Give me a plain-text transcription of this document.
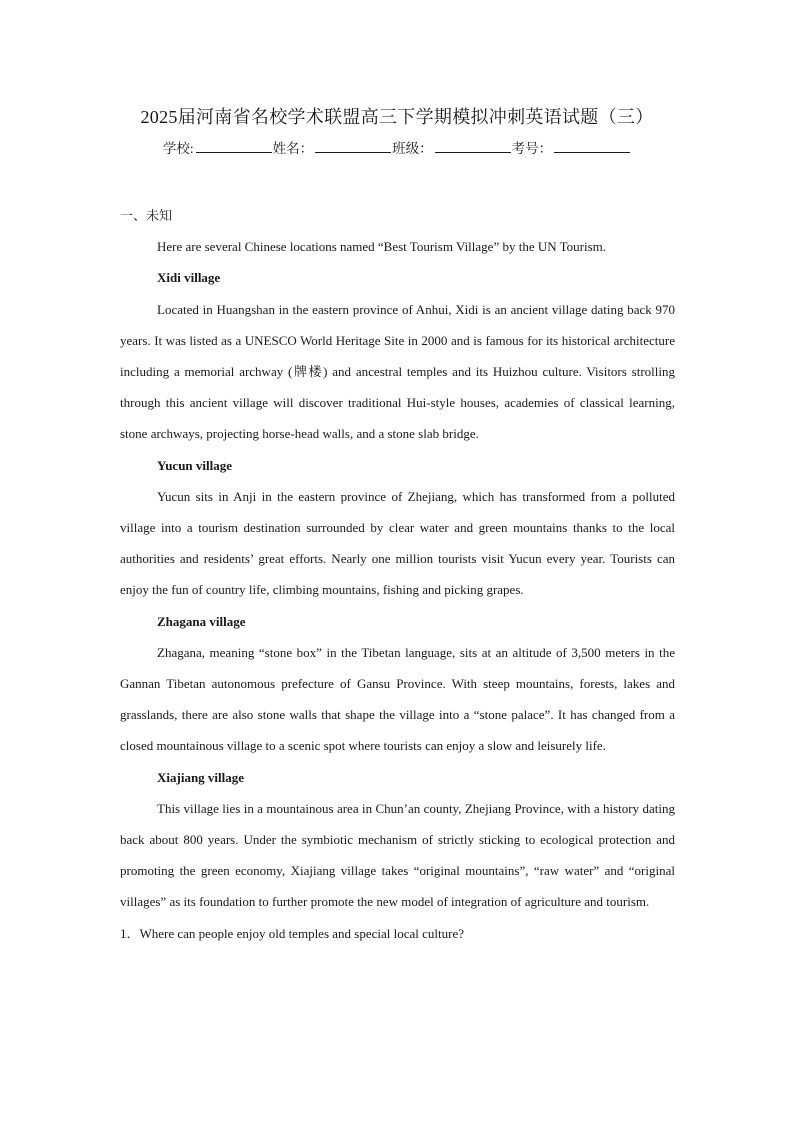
2025届河南省名校学术联盟高三下学期模拟冲刺英语试题（三）
学校:	姓名：	班级：	考号：
一、未知

Here are several Chinese locations named “Best Tourism Village” by the UN Tourism.

Xidi village

Located in Huangshan in the eastern province of Anhui, Xidi is an ancient village dating back 970 years. It was listed as a UNESCO World Heritage Site in 2000 and is famous for its historical architecture including a memorial archway (牌楼) and ancestral temples and its Huizhou culture. Visitors strolling through this ancient village will discover traditional Hui-style houses, academies of classical learning, stone archways, projecting horse-head walls, and a stone slab bridge.

Yucun village

Yucun sits in Anji in the eastern province of Zhejiang, which has transformed from a polluted village into a tourism destination surrounded by clear water and green mountains thanks to the local authorities and residents’ great efforts. Nearly one million tourists visit Yucun every year. Tourists can enjoy the fun of country life, climbing mountains, fishing and picking grapes.

Zhagana village

Zhagana, meaning “stone box” in the Tibetan language, sits at an altitude of 3,500 meters in the Gannan Tibetan autonomous prefecture of Gansu Province. With steep mountains, forests, lakes and grasslands, there are also stone walls that shape the village into a “stone palace”. It has changed from a closed mountainous village to a scenic spot where tourists can enjoy a slow and leisurely life.

Xiajiang village

This village lies in a mountainous area in Chun’an county, Zhejiang Province, with a history dating back about 800 years. Under the symbiotic mechanism of strictly sticking to ecological protection and promoting the green economy, Xiajiang village takes “original mountains”, “raw water” and “original villages” as its foundation to further promote the new model of integration of agriculture and tourism.

1．Where can people enjoy old temples and special local culture?
